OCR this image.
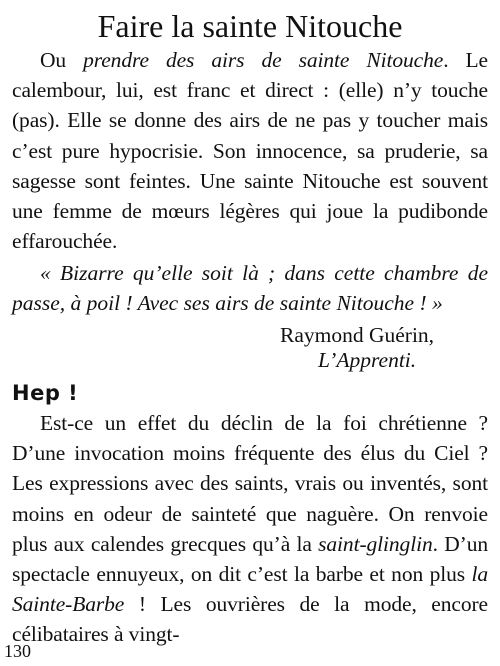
Faire la sainte Nitouche

Ou prendre des airs de sainte Nitouche. Le calembour, lui, est franc et direct : (elle) n’y touche (pas). Elle se donne des airs de ne pas y toucher mais c’est pure hypocrisie. Son innocence, sa pruderie, sa sagesse sont feintes. Une sainte Nitouche est souvent une femme de mœurs légères qui joue la pudibonde effarouchée.

« Bizarre qu’elle soit là ; dans cette chambre de passe, à poil ! Avec ses airs de sainte Nitouche ! »

Raymond Guérin,
L’Apprenti.
Hep !

Est-ce un effet du déclin de la foi chrétienne ? D’une invocation moins fréquente des élus du Ciel ? Les expressions avec des saints, vrais ou inventés, sont moins en odeur de sainteté que naguère. On renvoie plus aux calendes grecques qu’à la saint-glinglin. D’un spectacle ennuyeux, on dit c’est la barbe et non plus la Sainte-Barbe ! Les ouvrières de la mode, encore célibataires à vingt-

130
